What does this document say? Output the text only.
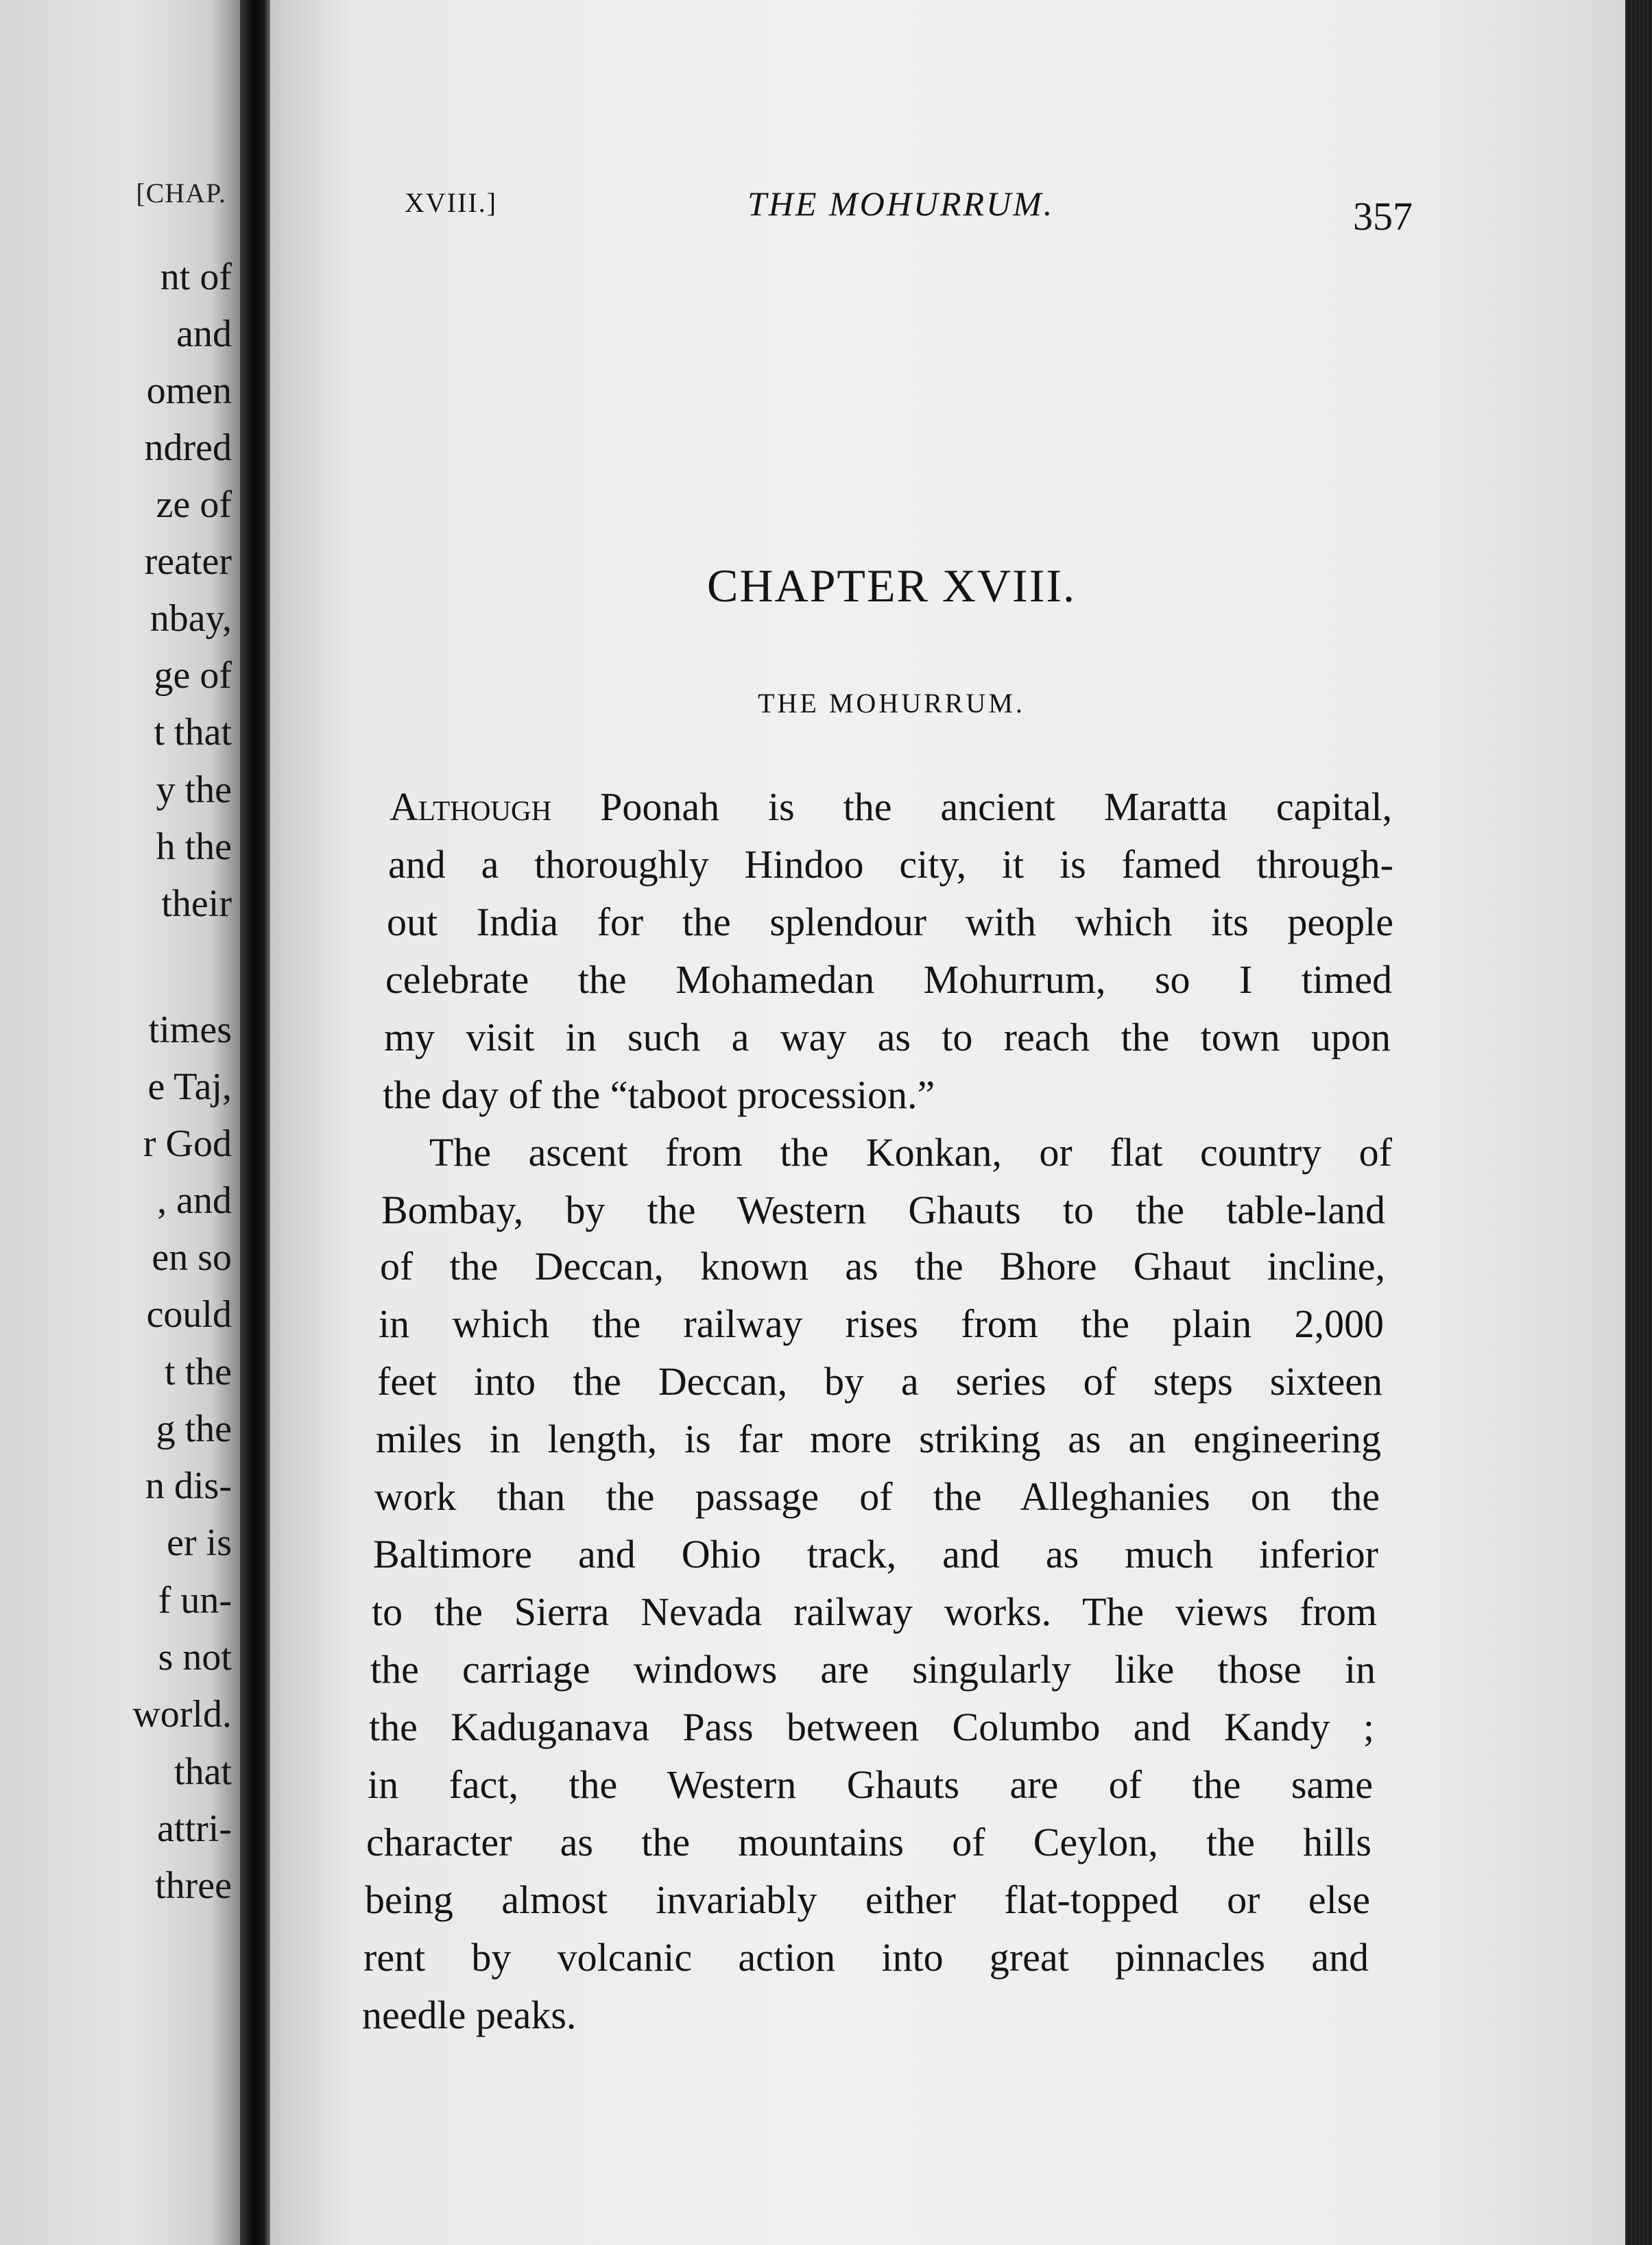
[CHAP.
nt of
and
omen
ndred
ze of
reater
nbay,
ge of
t that
y the
h the
their
times
e Taj,
r God
, and
en so
could
t the
g the
n dis-
er is
f un-
s not
world.
that
attri-
three
XVIII.]	THE MOHURRUM.	357
CHAPTER XVIII.
THE MOHURRUM.
Although Poonah is the ancient Maratta capital,
and a thoroughly Hindoo city, it is famed through-
out India for the splendour with which its people
celebrate the Mohamedan Mohurrum, so I timed
my visit in such a way as to reach the town upon
the day of the “taboot procession.”
The ascent from the Konkan, or flat country of
Bombay, by the Western Ghauts to the table-land
of the Deccan, known as the Bhore Ghaut incline,
in which the railway rises from the plain 2,000
feet into the Deccan, by a series of steps sixteen
miles in length, is far more striking as an engineering
work than the passage of the Alleghanies on the
Baltimore and Ohio track, and as much inferior
to the Sierra Nevada railway works. The views from
the carriage windows are singularly like those in
the Kaduganava Pass between Columbo and Kandy ;
in fact, the Western Ghauts are of the same
character as the mountains of Ceylon, the hills
being almost invariably either flat-topped or else
rent by volcanic action into great pinnacles and
needle peaks.
